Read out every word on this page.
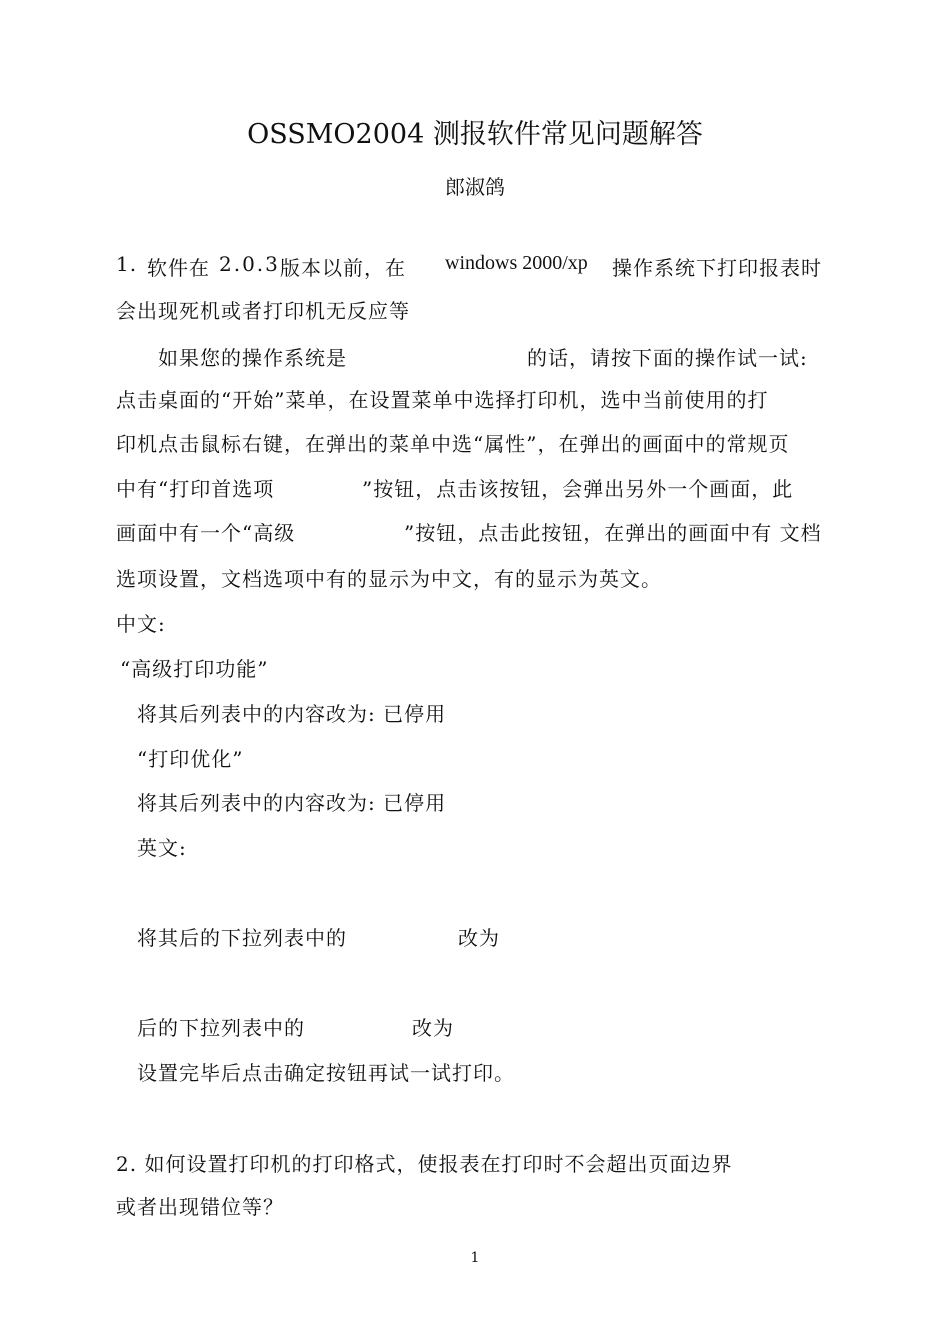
OSSMO2004 测报软件常见问题解答
郎淑鸽
1. 软件在 2.0.3 版本以前，在 windows 2000/xp 操作系统下打印报表时
会出现死机或者打印机无反应等
如果您的操作系统是	的话，请按下面的操作试一试:
点击桌面的“开始”菜单，在设置菜单中选择打印机，选中当前使用的打
印机点击鼠标右键，在弹出的菜单中选“属性”，在弹出的画面中的常规页
中有“打印首选项	”按钮，点击该按钮，会弹出另外一个画面，此
画面中有一个“高级	”按钮，点击此按钮，在弹出的画面中有 文档
选项设置，文档选项中有的显示为中文，有的显示为英文。
中文:
“高级打印功能”
将其后列表中的内容改为: 已停用
“打印优化”
将其后列表中的内容改为: 已停用
英文:
将其后的下拉列表中的	改为
后的下拉列表中的	改为
设置完毕后点击确定按钮再试一试打印。
2. 如何设置打印机的打印格式，使报表在打印时不会超出页面边界
或者出现错位等？
1
